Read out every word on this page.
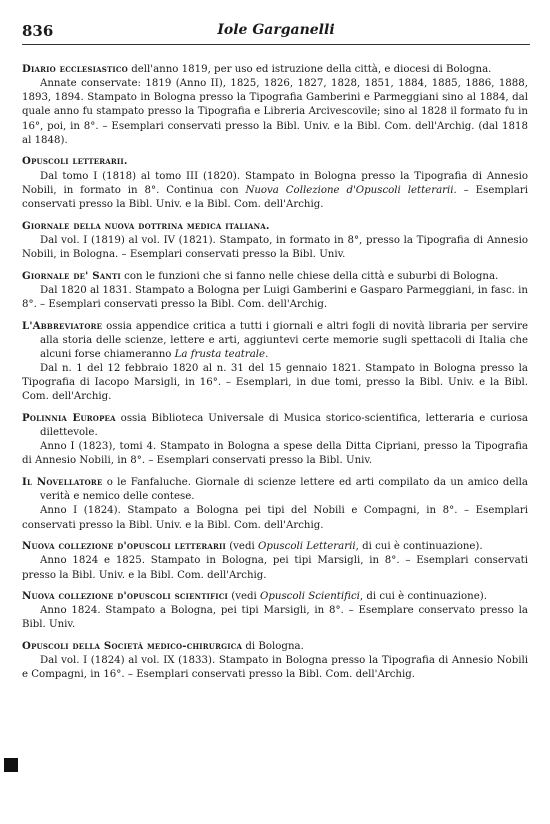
836	Iole Garganelli

Diario ecclesiastico dell'anno 1819, per uso ed istruzione della città, e diocesi di Bologna.

Annate conservate: 1819 (Anno II), 1825, 1826, 1827, 1828, 1851, 1884, 1885, 1886, 1888, 1893, 1894. Stampato in Bologna presso la Tipografia Gamberini e Parmeggiani sino al 1884, dal quale anno fu stampato presso la Tipografia e Libreria Arcivescovile; sino al 1828 il formato fu in 16°, poi, in 8°. – Esemplari conservati presso la Bibl. Univ. e la Bibl. Com. dell'Archig. (dal 1818 al 1848).

Opuscoli letterarii.

Dal tomo I (1818) al tomo III (1820). Stampato in Bologna presso la Tipografia di Annesio Nobili, in formato in 8°. Continua con Nuova Collezione d'Opuscoli letterarii. – Esemplari conservati presso la Bibl. Univ. e la Bibl. Com. dell'Archig.

Giornale della nuova dottrina medica italiana.

Dal vol. I (1819) al vol. IV (1821). Stampato, in formato in 8°, presso la Tipografia di Annesio Nobili, in Bologna. – Esemplari conservati presso la Bibl. Univ.

Giornale de' Santi con le funzioni che si fanno nelle chiese della città e suburbi di Bologna.

Dal 1820 al 1831. Stampato a Bologna per Luigi Gamberini e Gasparo Parmeggiani, in fasc. in 8°. – Esemplari conservati presso la Bibl. Com. dell'Archig.

L'Abbreviatore ossia appendice critica a tutti i giornali e altri fogli di novità libraria per servire alla storia delle scienze, lettere e arti, aggiuntevi certe memorie sugli spettacoli di Italia che alcuni forse chiameranno La frusta teatrale.

Dal n. 1 del 12 febbraio 1820 al n. 31 del 15 gennaio 1821. Stampato in Bologna presso la Tipografia di Iacopo Marsigli, in 16°. – Esemplari, in due tomi, presso la Bibl. Univ. e la Bibl. Com. dell'Archig.

Polinnia Europea ossia Biblioteca Universale di Musica storico-scientifica, letteraria e curiosa dilettevole.

Anno I (1823), tomi 4. Stampato in Bologna a spese della Ditta Cipriani, presso la Tipografia di Annesio Nobili, in 8°. – Esemplari conservati presso la Bibl. Univ.

Il Novellatore o le Fanfaluche. Giornale di scienze lettere ed arti compilato da un amico della verità e nemico delle contese.

Anno I (1824). Stampato a Bologna pei tipi del Nobili e Compagni, in 8°. – Esemplari conservati presso la Bibl. Univ. e la Bibl. Com. dell'Archig.

Nuova collezione d'opuscoli letterarii (vedi Opuscoli Letterarii, di cui è continuazione).

Anno 1824 e 1825. Stampato in Bologna, pei tipi Marsigli, in 8°. – Esemplari conservati presso la Bibl. Univ. e la Bibl. Com. dell'Archig.

Nuova collezione d'opuscoli scientifici (vedi Opuscoli Scientifici, di cui è continuazione).

Anno 1824. Stampato a Bologna, pei tipi Marsigli, in 8°. – Esemplare conservato presso la Bibl. Univ.

Opuscoli della Società medico-chirurgica di Bologna.

Dal vol. I (1824) al vol. IX (1833). Stampato in Bologna presso la Tipografia di Annesio Nobili e Compagni, in 16°. – Esemplari conservati presso la Bibl. Com. dell'Archig.
